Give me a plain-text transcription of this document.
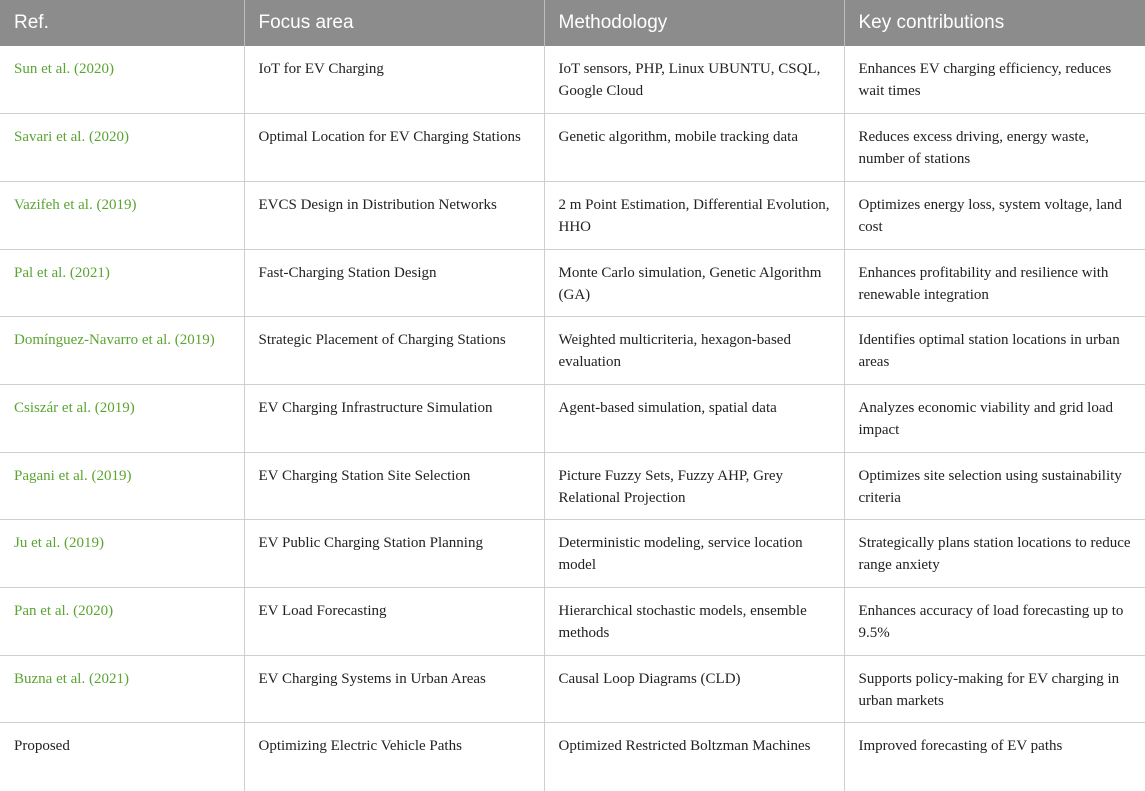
Ref.	Focus area	Methodology	Key contributions
Sun et al. (2020)	IoT for EV Charging	IoT sensors, PHP, Linux UBUNTU, CSQL, Google Cloud	Enhances EV charging efficiency, reduces wait times
Savari et al. (2020)	Optimal Location for EV Charging Stations	Genetic algorithm, mobile tracking data	Reduces excess driving, energy waste, number of stations
Vazifeh et al. (2019)	EVCS Design in Distribution Networks	2 m Point Estimation, Differential Evolution, HHO	Optimizes energy loss, system voltage, land cost
Pal et al. (2021)	Fast-Charging Station Design	Monte Carlo simulation, Genetic Algorithm (GA)	Enhances profitability and resilience with renewable integration
Domínguez-Navarro et al. (2019)	Strategic Placement of Charging Stations	Weighted multicriteria, hexagon-based evaluation	Identifies optimal station locations in urban areas
Csiszár et al. (2019)	EV Charging Infrastructure Simulation	Agent-based simulation, spatial data	Analyzes economic viability and grid load impact
Pagani et al. (2019)	EV Charging Station Site Selection	Picture Fuzzy Sets, Fuzzy AHP, Grey Relational Projection	Optimizes site selection using sustainability criteria
Ju et al. (2019)	EV Public Charging Station Planning	Deterministic modeling, service location model	Strategically plans station locations to reduce range anxiety
Pan et al. (2020)	EV Load Forecasting	Hierarchical stochastic models, ensemble methods	Enhances accuracy of load forecasting up to 9.5%
Buzna et al. (2021)	EV Charging Systems in Urban Areas	Causal Loop Diagrams (CLD)	Supports policy-making for EV charging in urban markets
Proposed	Optimizing Electric Vehicle Paths	Optimized Restricted Boltzman Machines	Improved forecasting of EV paths
